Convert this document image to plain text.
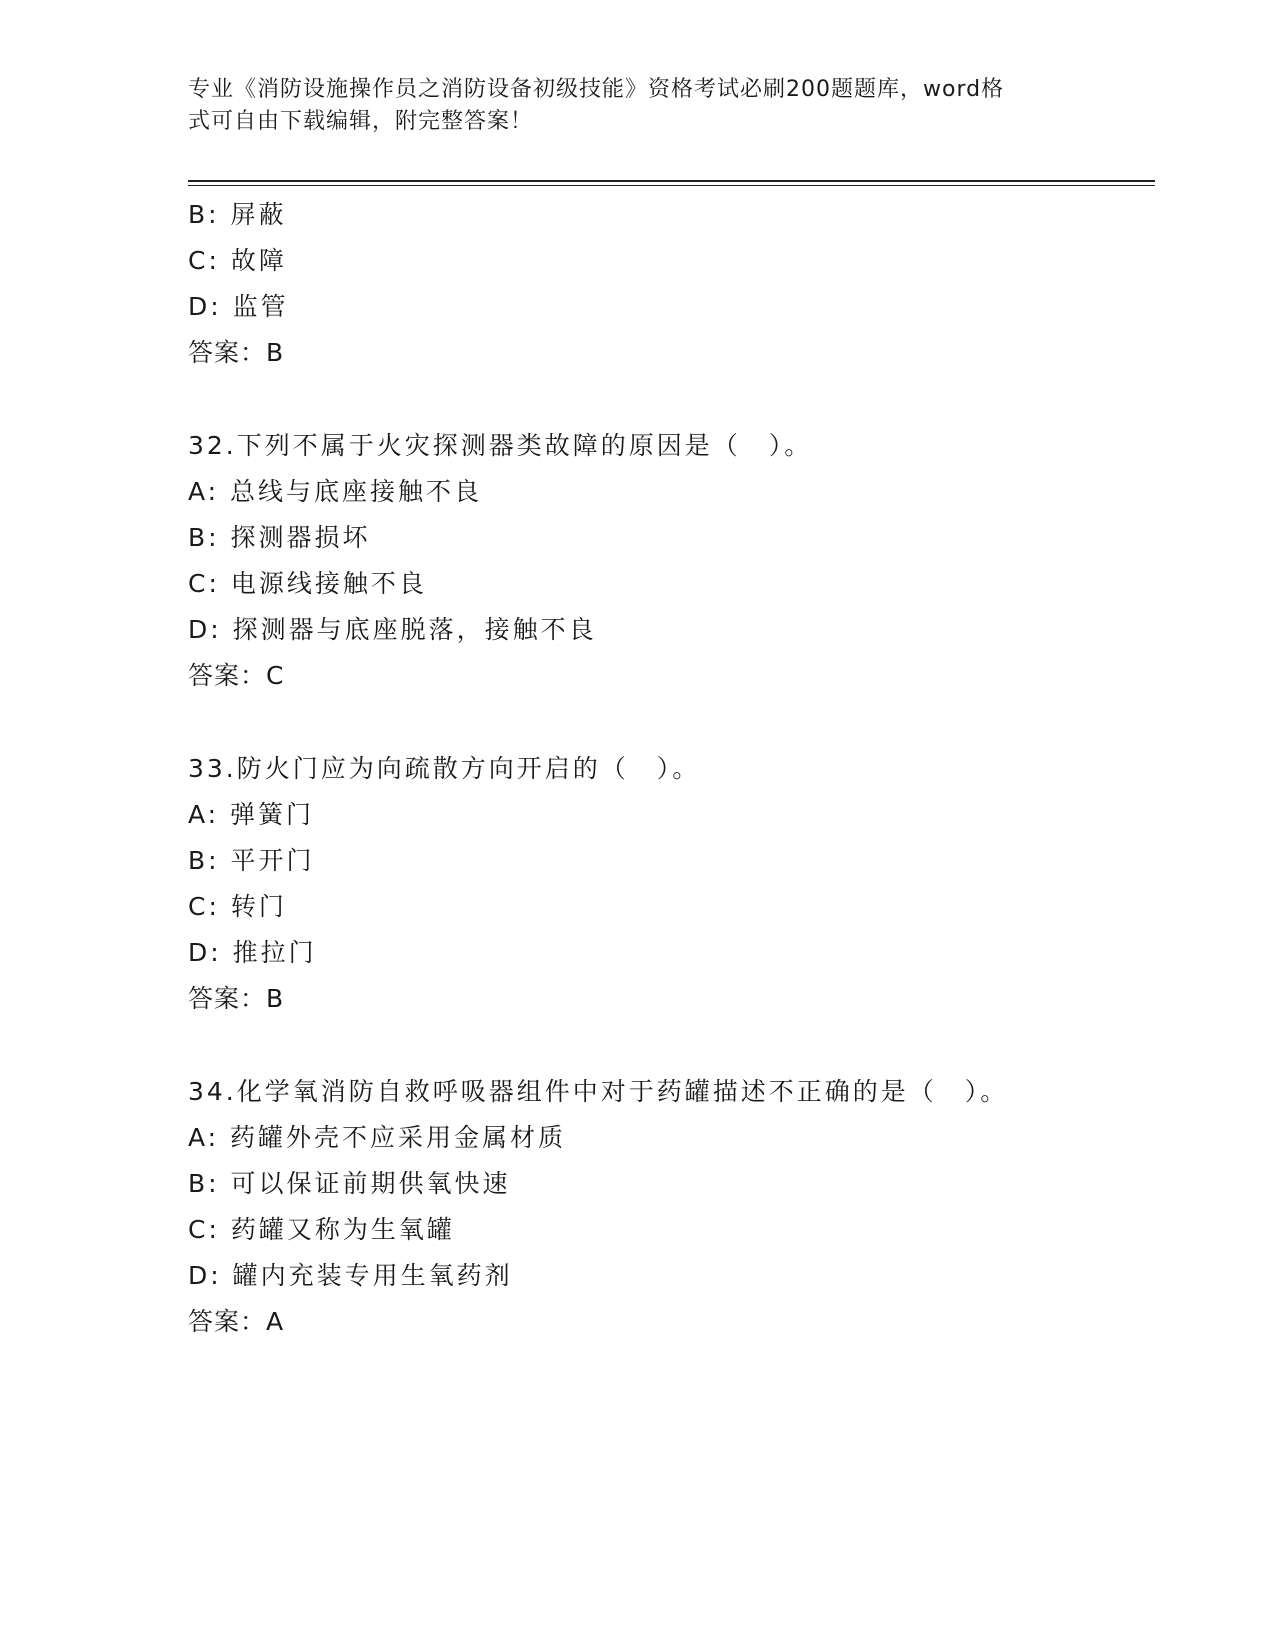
专业《消防设施操作员之消防设备初级技能》资格考试必刷200题题库，word格
式可自由下载编辑，附完整答案！
B: 屏蔽
C: 故障
D: 监管
答案：B
32.下列不属于火灾探测器类故障的原因是（　）。
A: 总线与底座接触不良
B: 探测器损坏
C: 电源线接触不良
D: 探测器与底座脱落，接触不良
答案：C
33.防火门应为向疏散方向开启的（　）。
A: 弹簧门
B: 平开门
C: 转门
D: 推拉门
答案：B
34.化学氧消防自救呼吸器组件中对于药罐描述不正确的是（　）。
A: 药罐外壳不应采用金属材质
B: 可以保证前期供氧快速
C: 药罐又称为生氧罐
D: 罐内充装专用生氧药剂
答案：A
